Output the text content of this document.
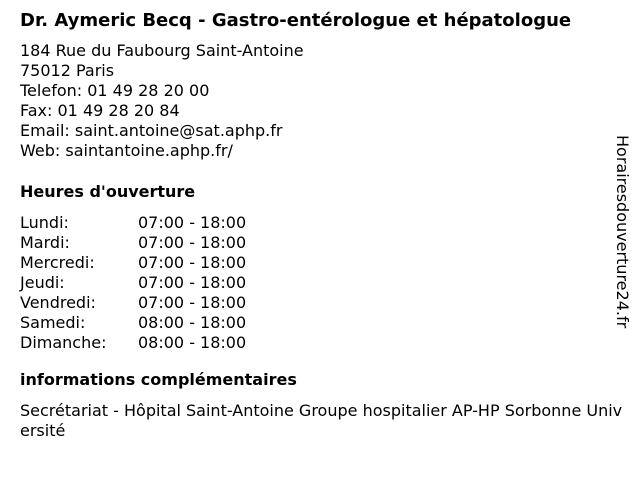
Dr. Aymeric Becq - Gastro-entérologue et hépatologue
184 Rue du Faubourg Saint-Antoine
75012 Paris
Telefon: 01 49 28 20 00
Fax: 01 49 28 20 84
Email: saint.antoine@sat.aphp.fr
Web: saintantoine.aphp.fr/
Heures d'ouverture
Lundi:	07:00 - 18:00
Mardi:	07:00 - 18:00
Mercredi:	07:00 - 18:00
Jeudi:	07:00 - 18:00
Vendredi:	07:00 - 18:00
Samedi:	08:00 - 18:00
Dimanche:	08:00 - 18:00
informations complémentaires
Secrétariat - Hôpital Saint-Antoine Groupe hospitalier AP-HP Sorbonne Université
Horairesdouverture24.fr
